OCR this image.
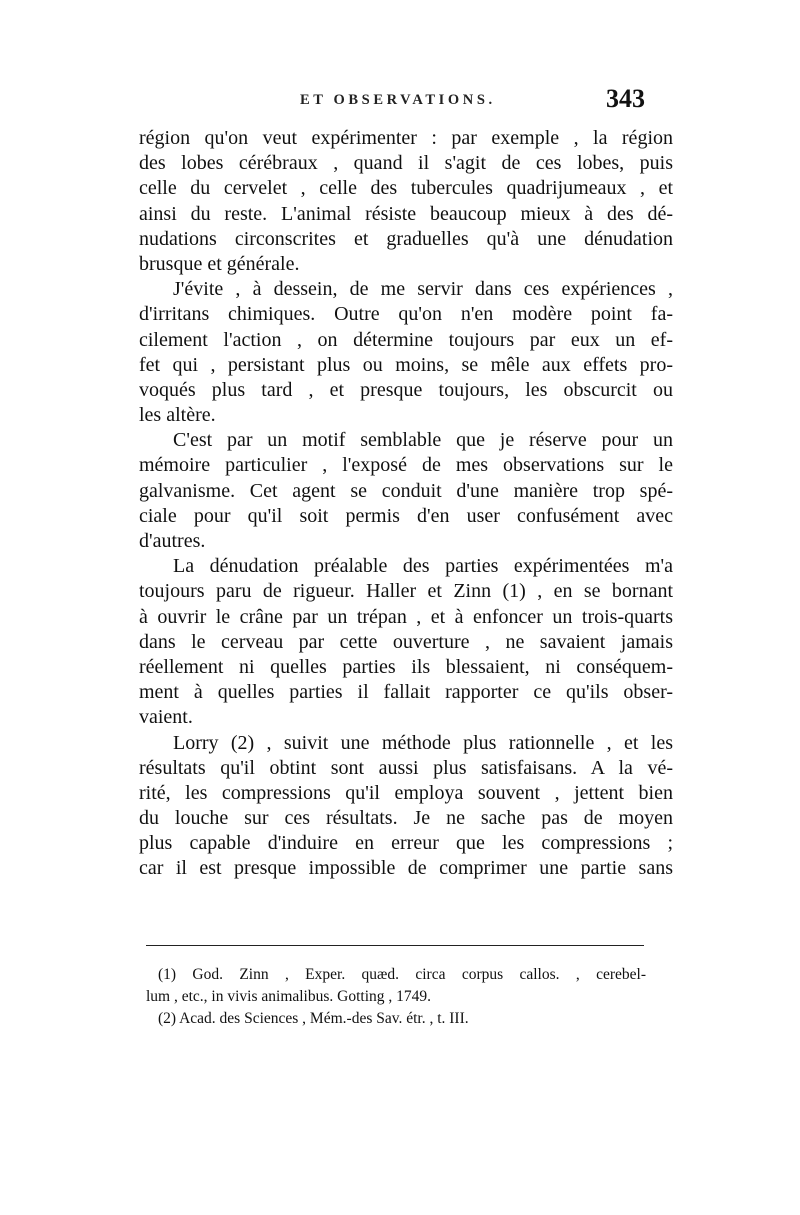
ET OBSERVATIONS.	343
région qu'on veut expérimenter : par exemple , la région
des lobes cérébraux , quand il s'agit de ces lobes, puis
celle du cervelet , celle des tubercules quadrijumeaux , et
ainsi du reste. L'animal résiste beaucoup mieux à des dé-
nudations circonscrites et graduelles qu'à une dénudation
brusque et générale.
J'évite , à dessein, de me servir dans ces expériences ,
d'irritans chimiques. Outre qu'on n'en modère point fa-
cilement l'action , on détermine toujours par eux un ef-
fet qui , persistant plus ou moins, se mêle aux effets pro-
voqués plus tard , et presque toujours, les obscurcit ou
les altère.
C'est par un motif semblable que je réserve pour un
mémoire particulier , l'exposé de mes observations sur le
galvanisme. Cet agent se conduit d'une manière trop spé-
ciale pour qu'il soit permis d'en user confusément avec
d'autres.
La dénudation préalable des parties expérimentées m'a
toujours paru de rigueur. Haller et Zinn (1) , en se bornant
à ouvrir le crâne par un trépan , et à enfoncer un trois-quarts
dans le cerveau par cette ouverture , ne savaient jamais
réellement ni quelles parties ils blessaient, ni conséquem-
ment à quelles parties il fallait rapporter ce qu'ils obser-
vaient.
Lorry (2) , suivit une méthode plus rationnelle , et les
résultats qu'il obtint sont aussi plus satisfaisans. A la vé-
rité, les compressions qu'il employa souvent , jettent bien
du louche sur ces résultats. Je ne sache pas de moyen
plus capable d'induire en erreur que les compressions ;
car il est presque impossible de comprimer une partie sans
(1) God. Zinn , Exper. quæd. circa corpus callos. , cerebel-
lum , etc., in vivis animalibus. Gotting , 1749.
(2) Acad. des Sciences , Mém.-des Sav. étr. , t. III.
